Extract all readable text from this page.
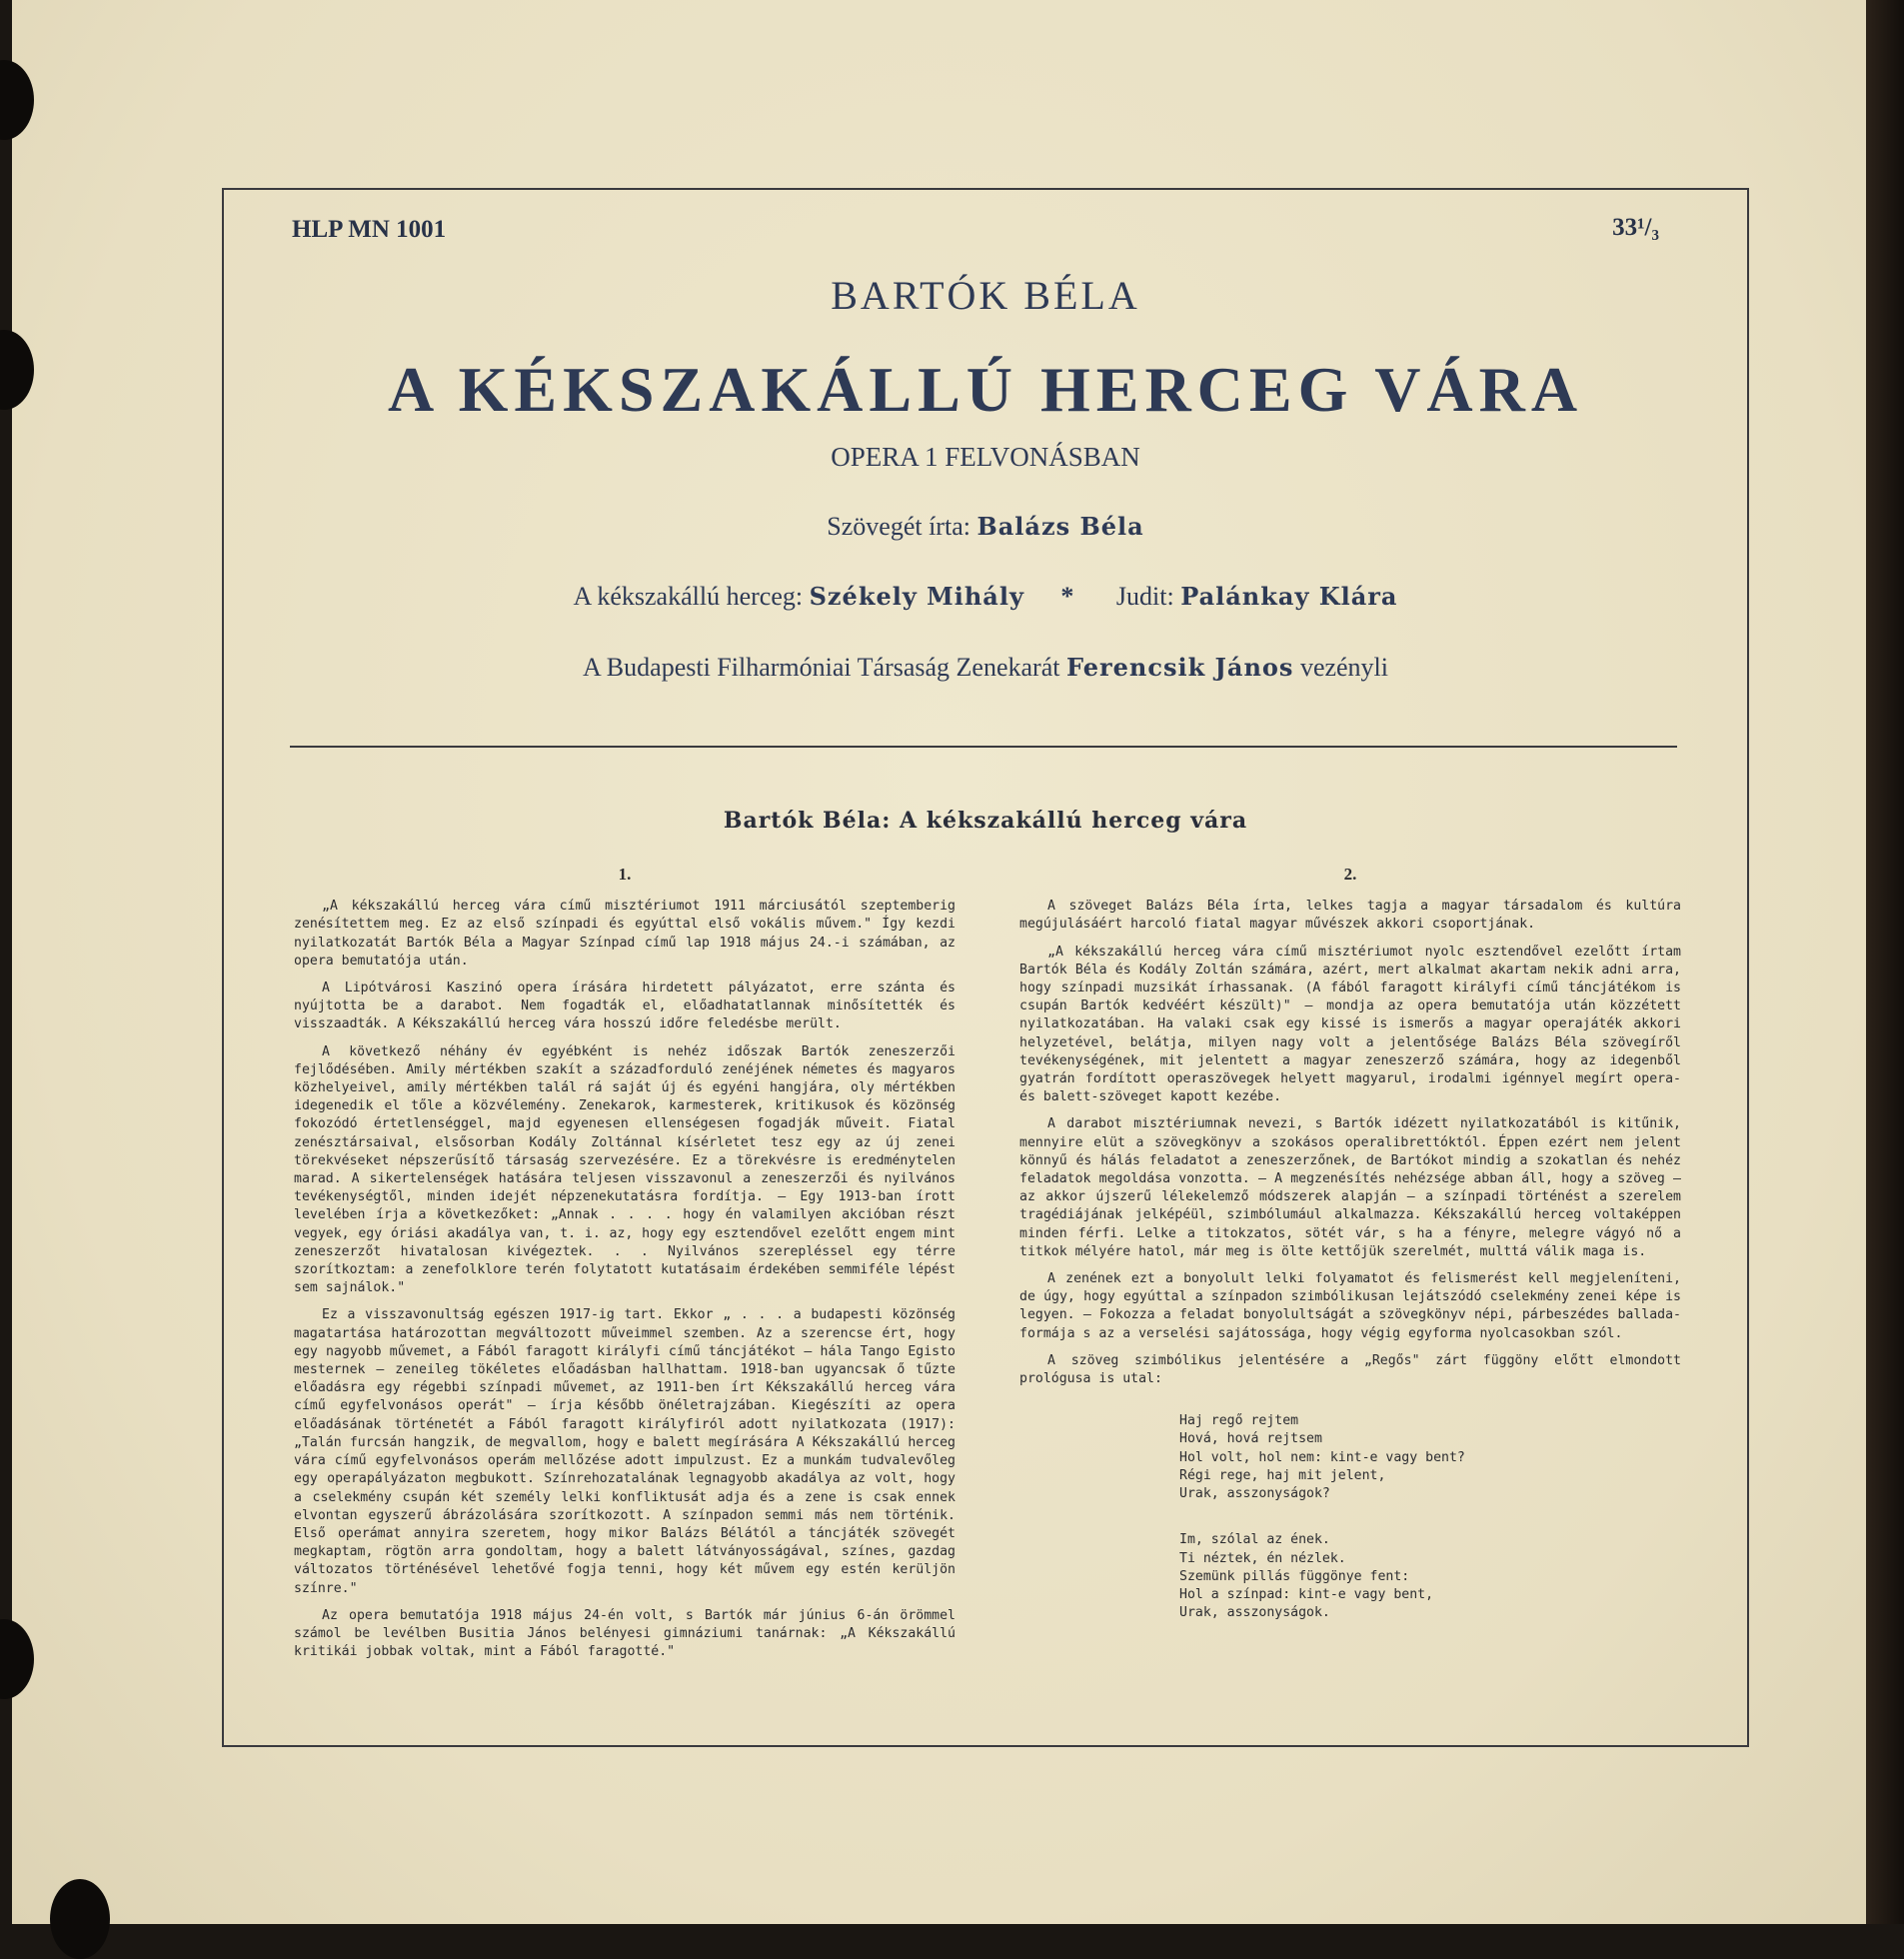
HLP MN 1001	33¹/₃
BARTÓK BÉLA
A KÉKSZAKÁLLÚ HERCEG VÁRA
OPERA 1 FELVONÁSBAN
Szövegét írta: Balázs Béla
A kékszakállú herceg: Székely Mihály * Judit: Palánkay Klára
A Budapesti Filharmóniai Társaság Zenekarát Ferencsik János vezényli
Bartók Béla: A kékszakállú herceg vára
1.

„A kékszakállú herceg vára című misztériumot 1911 márciusától szeptemberig zenésítettem meg. Ez az első színpadi és egyúttal első vokális művem." Így kezdi nyilatkozatát Bartók Béla a Magyar Színpad című lap 1918 május 24.-i számában, az opera bemutatója után.

A Lipótvárosi Kaszinó opera írására hirdetett pályázatot, erre szánta és nyújtotta be a darabot. Nem fogadták el, előadhatatlannak minősítették és visszaadták. A Kékszakállú herceg vára hosszú időre feledésbe merült.

A következő néhány év egyébként is nehéz időszak Bartók zeneszerzői fejlődésében. Amily mértékben szakít a századforduló zenéjének németes és magyaros közhelyeivel, amily mértékben talál rá saját új és egyéni hangjára, oly mértékben idegenedik el tőle a közvélemény. Zenekarok, karmesterek, kritikusok és közönség fokozódó értetlenséggel, majd egyenesen ellenségesen fogadják műveit. Fiatal zenésztársaival, elsősorban Kodály Zoltánnal kísérletet tesz egy az új zenei törekvéseket népszerűsítő társaság szervezésére. Ez a törekvésre is eredménytelen marad. A sikertelenségek hatására teljesen visszavonul a zeneszerzői és nyilvános tevékenységtől, minden idejét népzenekutatásra fordítja. — Egy 1913-ban írott levelében írja a következőket: „Annak . . . . hogy én valamilyen akcióban részt vegyek, egy óriási akadálya van, t. i. az, hogy egy esztendővel ezelőtt engem mint zeneszerzőt hivatalosan kivégeztek. . . Nyilvános szerepléssel egy térre szorítkoztam: a zenefolklore terén folytatott kutatásaim érdekében semmiféle lépést sem sajnálok."

Ez a visszavonultság egészen 1917-ig tart. Ekkor „ . . . a budapesti közönség magatartása határozottan megváltozott műveimmel szemben. Az a szerencse ért, hogy egy nagyobb művemet, a Fából faragott királyfi című táncjátékot — hála Tango Egisto mesternek — zeneileg tökéletes előadásban hallhattam. 1918-ban ugyancsak ő tűzte előadásra egy régebbi színpadi művemet, az 1911-ben írt Kékszakállú herceg vára című egyfelvonásos operát" — írja később önéletrajzában. Kiegészíti az opera előadásának történetét a Fából faragott királyfiról adott nyilatkozata (1917): „Talán furcsán hangzik, de megvallom, hogy e balett megírására A Kékszakállú herceg vára című egyfelvonásos operám mellőzése adott impulzust. Ez a munkám tudvalevőleg egy operapályázaton megbukott. Színrehozatalának legnagyobb akadálya az volt, hogy a cselekmény csupán két személy lelki konfliktusát adja és a zene is csak ennek elvontan egyszerű ábrázolására szorítkozott. A színpadon semmi más nem történik. Első operámat annyira szeretem, hogy mikor Balázs Bélától a táncjáték szövegét megkaptam, rögtön arra gondoltam, hogy a balett látványosságával, színes, gazdag változatos történésével lehetővé fogja tenni, hogy két művem egy estén kerüljön színre."

Az opera bemutatója 1918 május 24-én volt, s Bartók már június 6-án örömmel számol be levélben Busitia János belényesi gimnáziumi tanárnak: „A Kékszakállú kritikái jobbak voltak, mint a Fából faragotté."

2.

A szöveget Balázs Béla írta, lelkes tagja a magyar társadalom és kultúra megújulásáért harcoló fiatal magyar művészek akkori csoportjának.

„A kékszakállú herceg vára című misztériumot nyolc esztendővel ezelőtt írtam Bartók Béla és Kodály Zoltán számára, azért, mert alkalmat akartam nekik adni arra, hogy színpadi muzsikát írhassanak. (A fából faragott királyfi című táncjátékom is csupán Bartók kedvéért készült)" — mondja az opera bemutatója után közzétett nyilatkozatában. Ha valaki csak egy kissé is ismerős a magyar operajáték akkori helyzetével, belátja, milyen nagy volt a jelentősége Balázs Béla szövegíről tevékenységének, mit jelentett a magyar zeneszerző számára, hogy az idegenből gyatrán fordított operaszövegek helyett magyarul, irodalmi igénnyel megírt opera- és balett-szöveget kapott kezébe.

A darabot misztériumnak nevezi, s Bartók idézett nyilatkozatából is kitűnik, mennyire elüt a szövegkönyv a szokásos operalibrettóktól. Éppen ezért nem jelent könnyű és hálás feladatot a zeneszerzőnek, de Bartókot mindig a szokatlan és nehéz feladatok megoldása vonzotta. — A megzenésítés nehézsége abban áll, hogy a szöveg — az akkor újszerű lélekelemző módszerek alapján — a színpadi történést a szerelem tragédiájának jelképéül, szimbólumául alkalmazza. Kékszakállú herceg voltaképpen minden férfi. Lelke a titokzatos, sötét vár, s ha a fényre, melegre vágyó nő a titkok mélyére hatol, már meg is ölte kettőjük szerelmét, multtá válik maga is.

A zenének ezt a bonyolult lelki folyamatot és felismerést kell megjeleníteni, de úgy, hogy egyúttal a színpadon szimbólikusan lejátszódó cselekmény zenei képe is legyen. — Fokozza a feladat bonyolultságát a szövegkönyv népi, párbeszédes ballada-formája s az a verselési sajátossága, hogy végig egyforma nyolcasokban szól.

A szöveg szimbólikus jelentésére a „Regős" zárt függöny előtt elmondott prológusa is utal:

Haj regő rejtem
Hová, hová rejtsem
Hol volt, hol nem: kint-e vagy bent?
Régi rege, haj mit jelent,
Urak, asszonyságok?
Im, szólal az ének.
Ti néztek, én nézlek.
Szemünk pillás függönye fent:
Hol a színpad: kint-e vagy bent,
Urak, asszonyságok.
